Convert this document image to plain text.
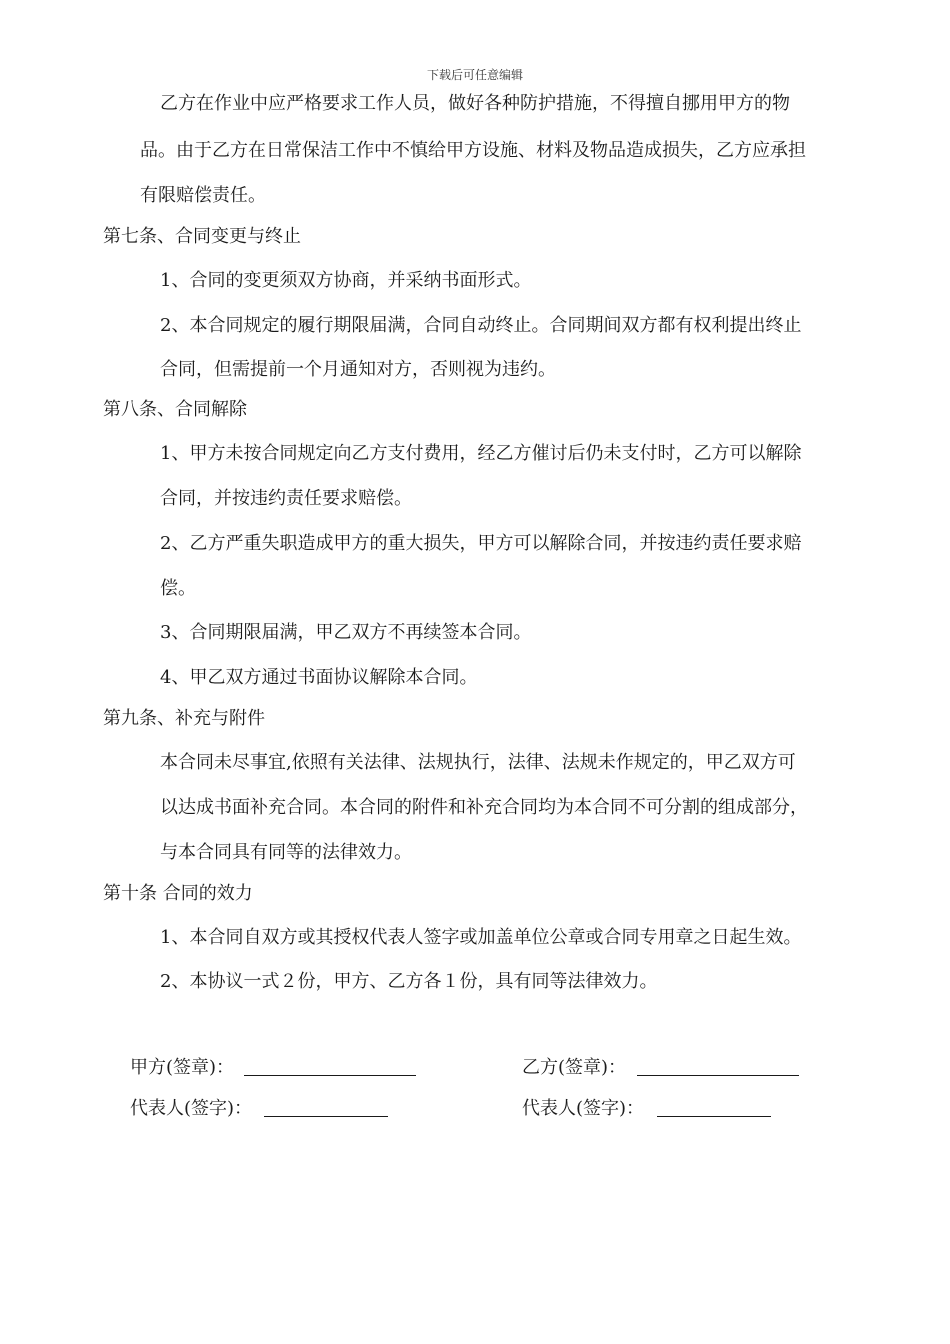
下载后可任意编辑
乙方在作业中应严格要求工作人员，做好各种防护措施，不得擅自挪用甲方的物
品。由于乙方在日常保洁工作中不慎给甲方设施、材料及物品造成损失，乙方应承担
有限赔偿责任。
第七条、合同变更与终止
1、合同的变更须双方协商，并采纳书面形式。
2、本合同规定的履行期限届满，合同自动终止。合同期间双方都有权利提出终止
合同，但需提前一个月通知对方，否则视为违约。
第八条、合同解除
1、甲方未按合同规定向乙方支付费用，经乙方催讨后仍未支付时，乙方可以解除
合同，并按违约责任要求赔偿。
2、乙方严重失职造成甲方的重大损失，甲方可以解除合同，并按违约责任要求赔
偿。
3、合同期限届满，甲乙双方不再续签本合同。
4、甲乙双方通过书面协议解除本合同。
第九条、补充与附件
本合同未尽事宜,依照有关法律、法规执行，法律、法规未作规定的，甲乙双方可
以达成书面补充合同。本合同的附件和补充合同均为本合同不可分割的组成部分，
与本合同具有同等的法律效力。
第十条 合同的效力
1、本合同自双方或其授权代表人签字或加盖单位公章或合同专用章之日起生效。
2、本协议一式２份，甲方、乙方各１份，具有同等法律效力。
甲方(签章)：	乙方(签章)：
代表人(签字)：	代表人(签字)：
